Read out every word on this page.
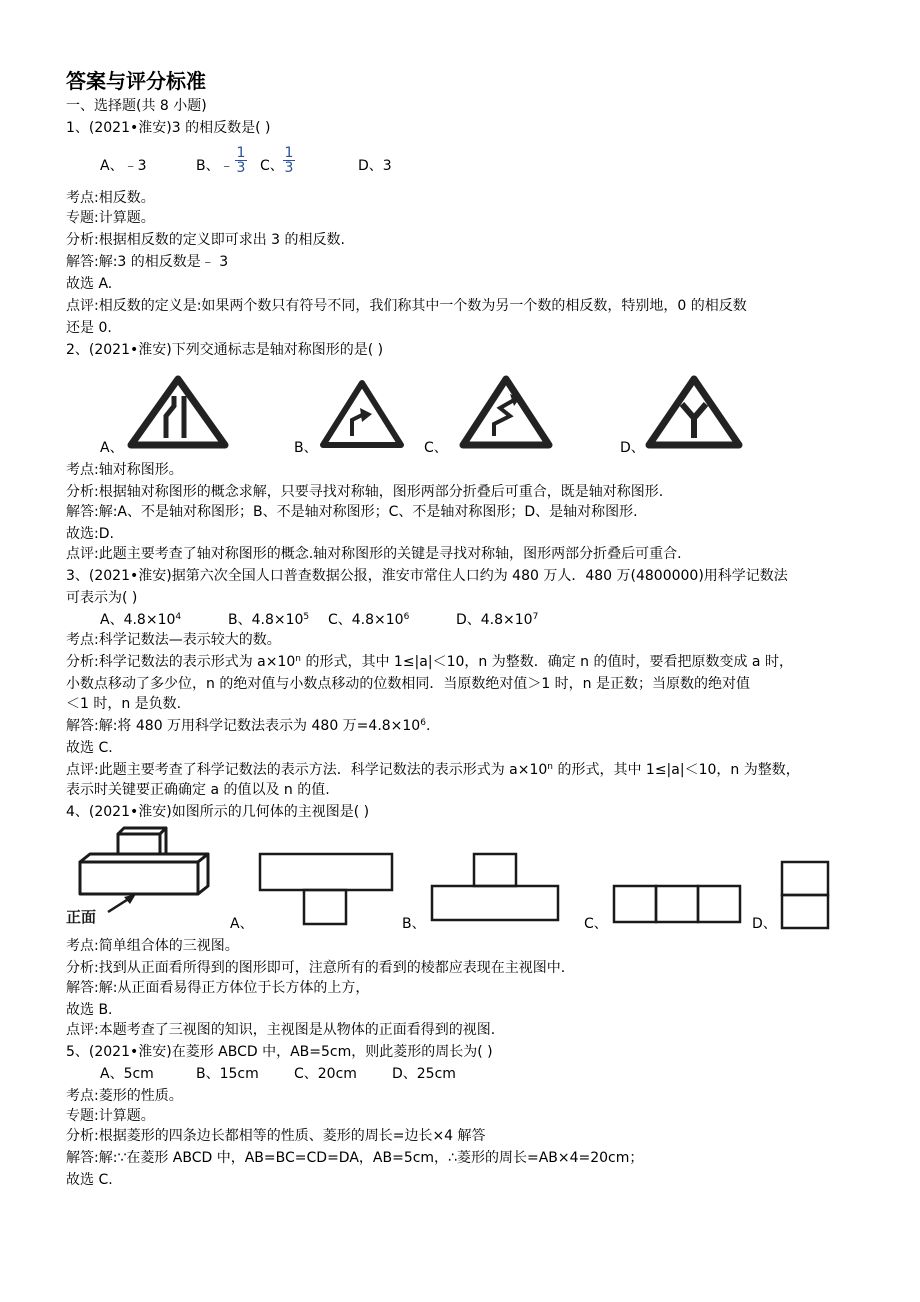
答案与评分标准
一、选择题(共 8 小题)
1、(2021•淮安)3 的相反数是( )
A、﹣3	B、﹣
1
3 C、
1
3	D、3
考点:相反数。
专题:计算题。
分析:根据相反数的定义即可求出 3 的相反数.
解答:解:3 的相反数是﹣ 3
故选 A.
点评:相反数的定义是:如果两个数只有符号不同，我们称其中一个数为另一个数的相反数，特别地，0 的相反数
还是 0.
2、(2021•淮安)下列交通标志是轴对称图形的是( )
A、	B、	C、	D、
考点:轴对称图形。
分析:根据轴对称图形的概念求解，只要寻找对称轴，图形两部分折叠后可重合，既是轴对称图形.
解答:解:A、不是轴对称图形；B、不是轴对称图形；C、不是轴对称图形；D、是轴对称图形.
故选:D.
点评:此题主要考查了轴对称图形的概念.轴对称图形的关键是寻找对称轴，图形两部分折叠后可重合.
3、(2021•淮安)据第六次全国人口普查数据公报，淮安市常住人口约为 480 万人．480 万(4800000)用科学记数法
可表示为( )
A、$4.8\times 10^4$	B、$4.8\times 10^5$ C、$4.8\times 10^6$	D、$4.8\times 10^7$
考点:科学记数法—表示较大的数。
分析:科学记数法的表示形式为 $a\times 10^n$ 的形式，其中 1≤|a|＜10，n 为整数．确定 n 的值时，要看把原数变成 a 时，
小数点移动了多少位，n 的绝对值与小数点移动的位数相同．当原数绝对值＞1 时，n 是正数；当原数的绝对值
＜1 时，n 是负数.
解答:解:将 480 万用科学记数法表示为 480 万$=4.8\times 10^6$.
故选 C.
点评:此题主要考查了科学记数法的表示方法．科学记数法的表示形式为 $a\times 10^n$ 的形式，其中 1≤|a|＜10，n 为整数，
表示时关键要正确确定 a 的值以及 n 的值.
4、(2021•淮安)如图所示的几何体的主视图是( )
正面	A、	B、	C、	D、
考点:简单组合体的三视图。
分析:找到从正面看所得到的图形即可，注意所有的看到的棱都应表现在主视图中.
解答:解:从正面看易得正方体位于长方体的上方，
故选 B.
点评:本题考查了三视图的知识，主视图是从物体的正面看得到的视图.
5、(2021•淮安)在菱形 ABCD 中，AB=5cm，则此菱形的周长为( )
A、5cm	B、15cm	C、20cm	D、25cm
考点:菱形的性质。
专题:计算题。
分析:根据菱形的四条边长都相等的性质、菱形的周长=边长×4 解答
解答:解:∵在菱形 ABCD 中，AB=BC=CD=DA，AB=5cm，∴菱形的周长=AB×4=20cm；
故选 C.
